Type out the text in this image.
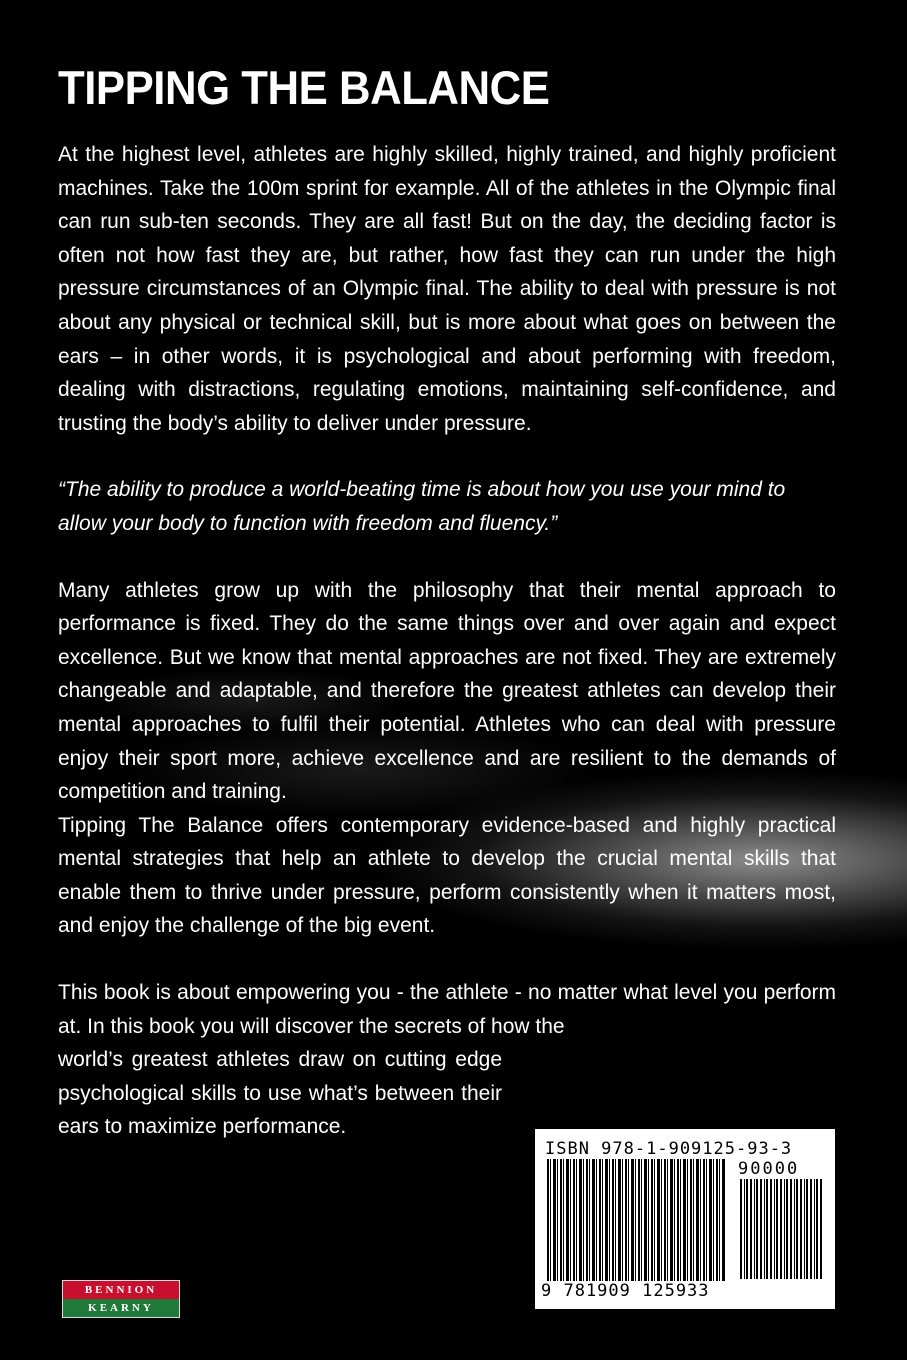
TIPPING THE BALANCE

At the highest level, athletes are highly skilled, highly trained, and highly proficient machines. Take the 100m sprint for example. All of the athletes in the Olympic final can run sub-ten seconds. They are all fast! But on the day, the deciding factor is often not how fast they are, but rather, how fast they can run under the high pressure circumstances of an Olympic final. The ability to deal with pressure is not about any physical or technical skill, but is more about what goes on between the ears – in other words, it is psychological and about performing with freedom, dealing with distractions, regulating emotions, maintaining self-confidence, and trusting the body’s ability to deliver under pressure.

“The ability to produce a world-beating time is about how you use your mind to allow your body to function with freedom and fluency.”

Many athletes grow up with the philosophy that their mental approach to performance is fixed. They do the same things over and over again and expect excellence. But we know that mental approaches are not fixed. They are extremely changeable and adaptable, and therefore the greatest athletes can develop their mental approaches to fulfil their potential. Athletes who can deal with pressure enjoy their sport more, achieve excellence and are resilient to the demands of competition and training.

Tipping The Balance offers contemporary evidence-based and highly practical mental strategies that help an athlete to develop the crucial mental skills that enable them to thrive under pressure, perform consistently when it matters most, and enjoy the challenge of the big event.

This book is about empowering you - the athlete - no matter what level you perform at. In this book you will discover the secrets of how the

world’s greatest athletes draw on cutting edge psychological skills to use what’s between their ears to maximize performance.

ISBN 978-1-909125-93-3
90000
9 781909 125933
BENNION
KEARNY
